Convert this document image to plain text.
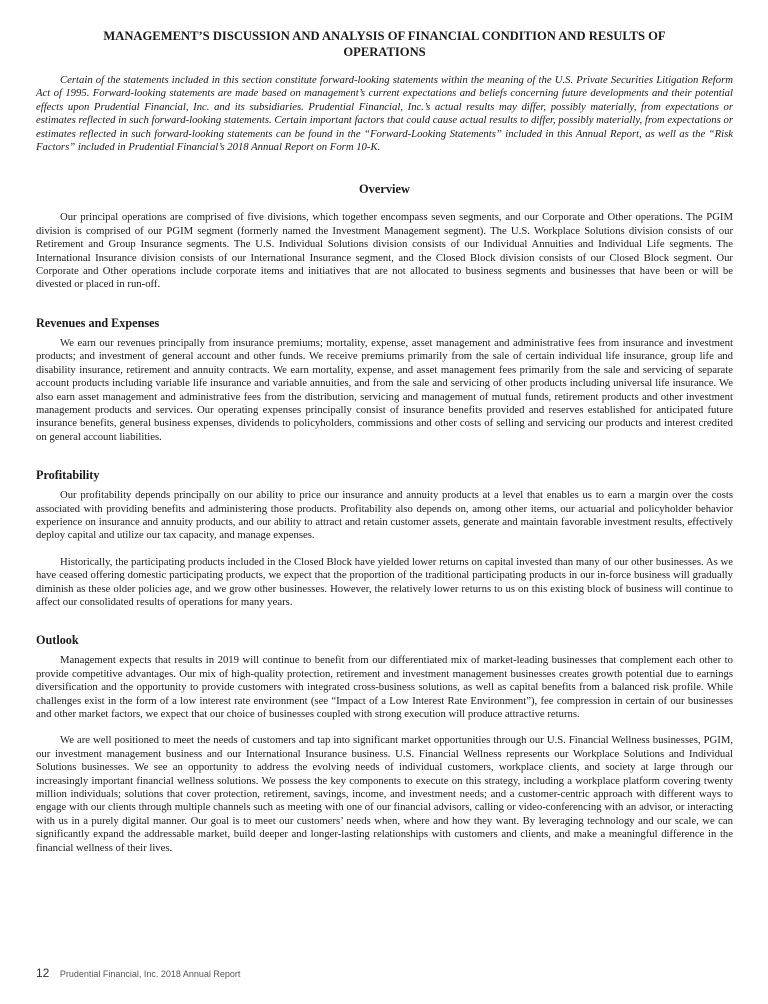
MANAGEMENT’S DISCUSSION AND ANALYSIS OF FINANCIAL CONDITION AND RESULTS OF OPERATIONS

Certain of the statements included in this section constitute forward-looking statements within the meaning of the U.S. Private Securities Litigation Reform Act of 1995. Forward-looking statements are made based on management’s current expectations and beliefs concerning future developments and their potential effects upon Prudential Financial, Inc. and its subsidiaries. Prudential Financial, Inc.’s actual results may differ, possibly materially, from expectations or estimates reflected in such forward-looking statements. Certain important factors that could cause actual results to differ, possibly materially, from expectations or estimates reflected in such forward-looking statements can be found in the “Forward-Looking Statements” included in this Annual Report, as well as the “Risk Factors” included in Prudential Financial’s 2018 Annual Report on Form 10-K.

Overview

Our principal operations are comprised of five divisions, which together encompass seven segments, and our Corporate and Other operations. The PGIM division is comprised of our PGIM segment (formerly named the Investment Management segment). The U.S. Workplace Solutions division consists of our Retirement and Group Insurance segments. The U.S. Individual Solutions division consists of our Individual Annuities and Individual Life segments. The International Insurance division consists of our International Insurance segment, and the Closed Block division consists of our Closed Block segment. Our Corporate and Other operations include corporate items and initiatives that are not allocated to business segments and businesses that have been or will be divested or placed in run-off.

Revenues and Expenses

We earn our revenues principally from insurance premiums; mortality, expense, asset management and administrative fees from insurance and investment products; and investment of general account and other funds. We receive premiums primarily from the sale of certain individual life insurance, group life and disability insurance, retirement and annuity contracts. We earn mortality, expense, and asset management fees primarily from the sale and servicing of separate account products including variable life insurance and variable annuities, and from the sale and servicing of other products including universal life insurance. We also earn asset management and administrative fees from the distribution, servicing and management of mutual funds, retirement products and other investment management products and services. Our operating expenses principally consist of insurance benefits provided and reserves established for anticipated future insurance benefits, general business expenses, dividends to policyholders, commissions and other costs of selling and servicing our products and interest credited on general account liabilities.

Profitability

Our profitability depends principally on our ability to price our insurance and annuity products at a level that enables us to earn a margin over the costs associated with providing benefits and administering those products. Profitability also depends on, among other items, our actuarial and policyholder behavior experience on insurance and annuity products, and our ability to attract and retain customer assets, generate and maintain favorable investment results, effectively deploy capital and utilize our tax capacity, and manage expenses.

Historically, the participating products included in the Closed Block have yielded lower returns on capital invested than many of our other businesses. As we have ceased offering domestic participating products, we expect that the proportion of the traditional participating products in our in-force business will gradually diminish as these older policies age, and we grow other businesses. However, the relatively lower returns to us on this existing block of business will continue to affect our consolidated results of operations for many years.

Outlook

Management expects that results in 2019 will continue to benefit from our differentiated mix of market-leading businesses that complement each other to provide competitive advantages. Our mix of high-quality protection, retirement and investment management businesses creates growth potential due to earnings diversification and the opportunity to provide customers with integrated cross-business solutions, as well as capital benefits from a balanced risk profile. While challenges exist in the form of a low interest rate environment (see “Impact of a Low Interest Rate Environment”), fee compression in certain of our businesses and other market factors, we expect that our choice of businesses coupled with strong execution will produce attractive returns.

We are well positioned to meet the needs of customers and tap into significant market opportunities through our U.S. Financial Wellness businesses, PGIM, our investment management business and our International Insurance business. U.S. Financial Wellness represents our Workplace Solutions and Individual Solutions businesses. We see an opportunity to address the evolving needs of individual customers, workplace clients, and society at large through our increasingly important financial wellness solutions. We possess the key components to execute on this strategy, including a workplace platform covering twenty million individuals; solutions that cover protection, retirement, savings, income, and investment needs; and a customer-centric approach with different ways to engage with our clients through multiple channels such as meeting with one of our financial advisors, calling or video-conferencing with an advisor, or interacting with us in a purely digital manner. Our goal is to meet our customers’ needs when, where and how they want. By leveraging technology and our scale, we can significantly expand the addressable market, build deeper and longer-lasting relationships with customers and clients, and make a meaningful difference in the financial wellness of their lives.

12 Prudential Financial, Inc. 2018 Annual Report
